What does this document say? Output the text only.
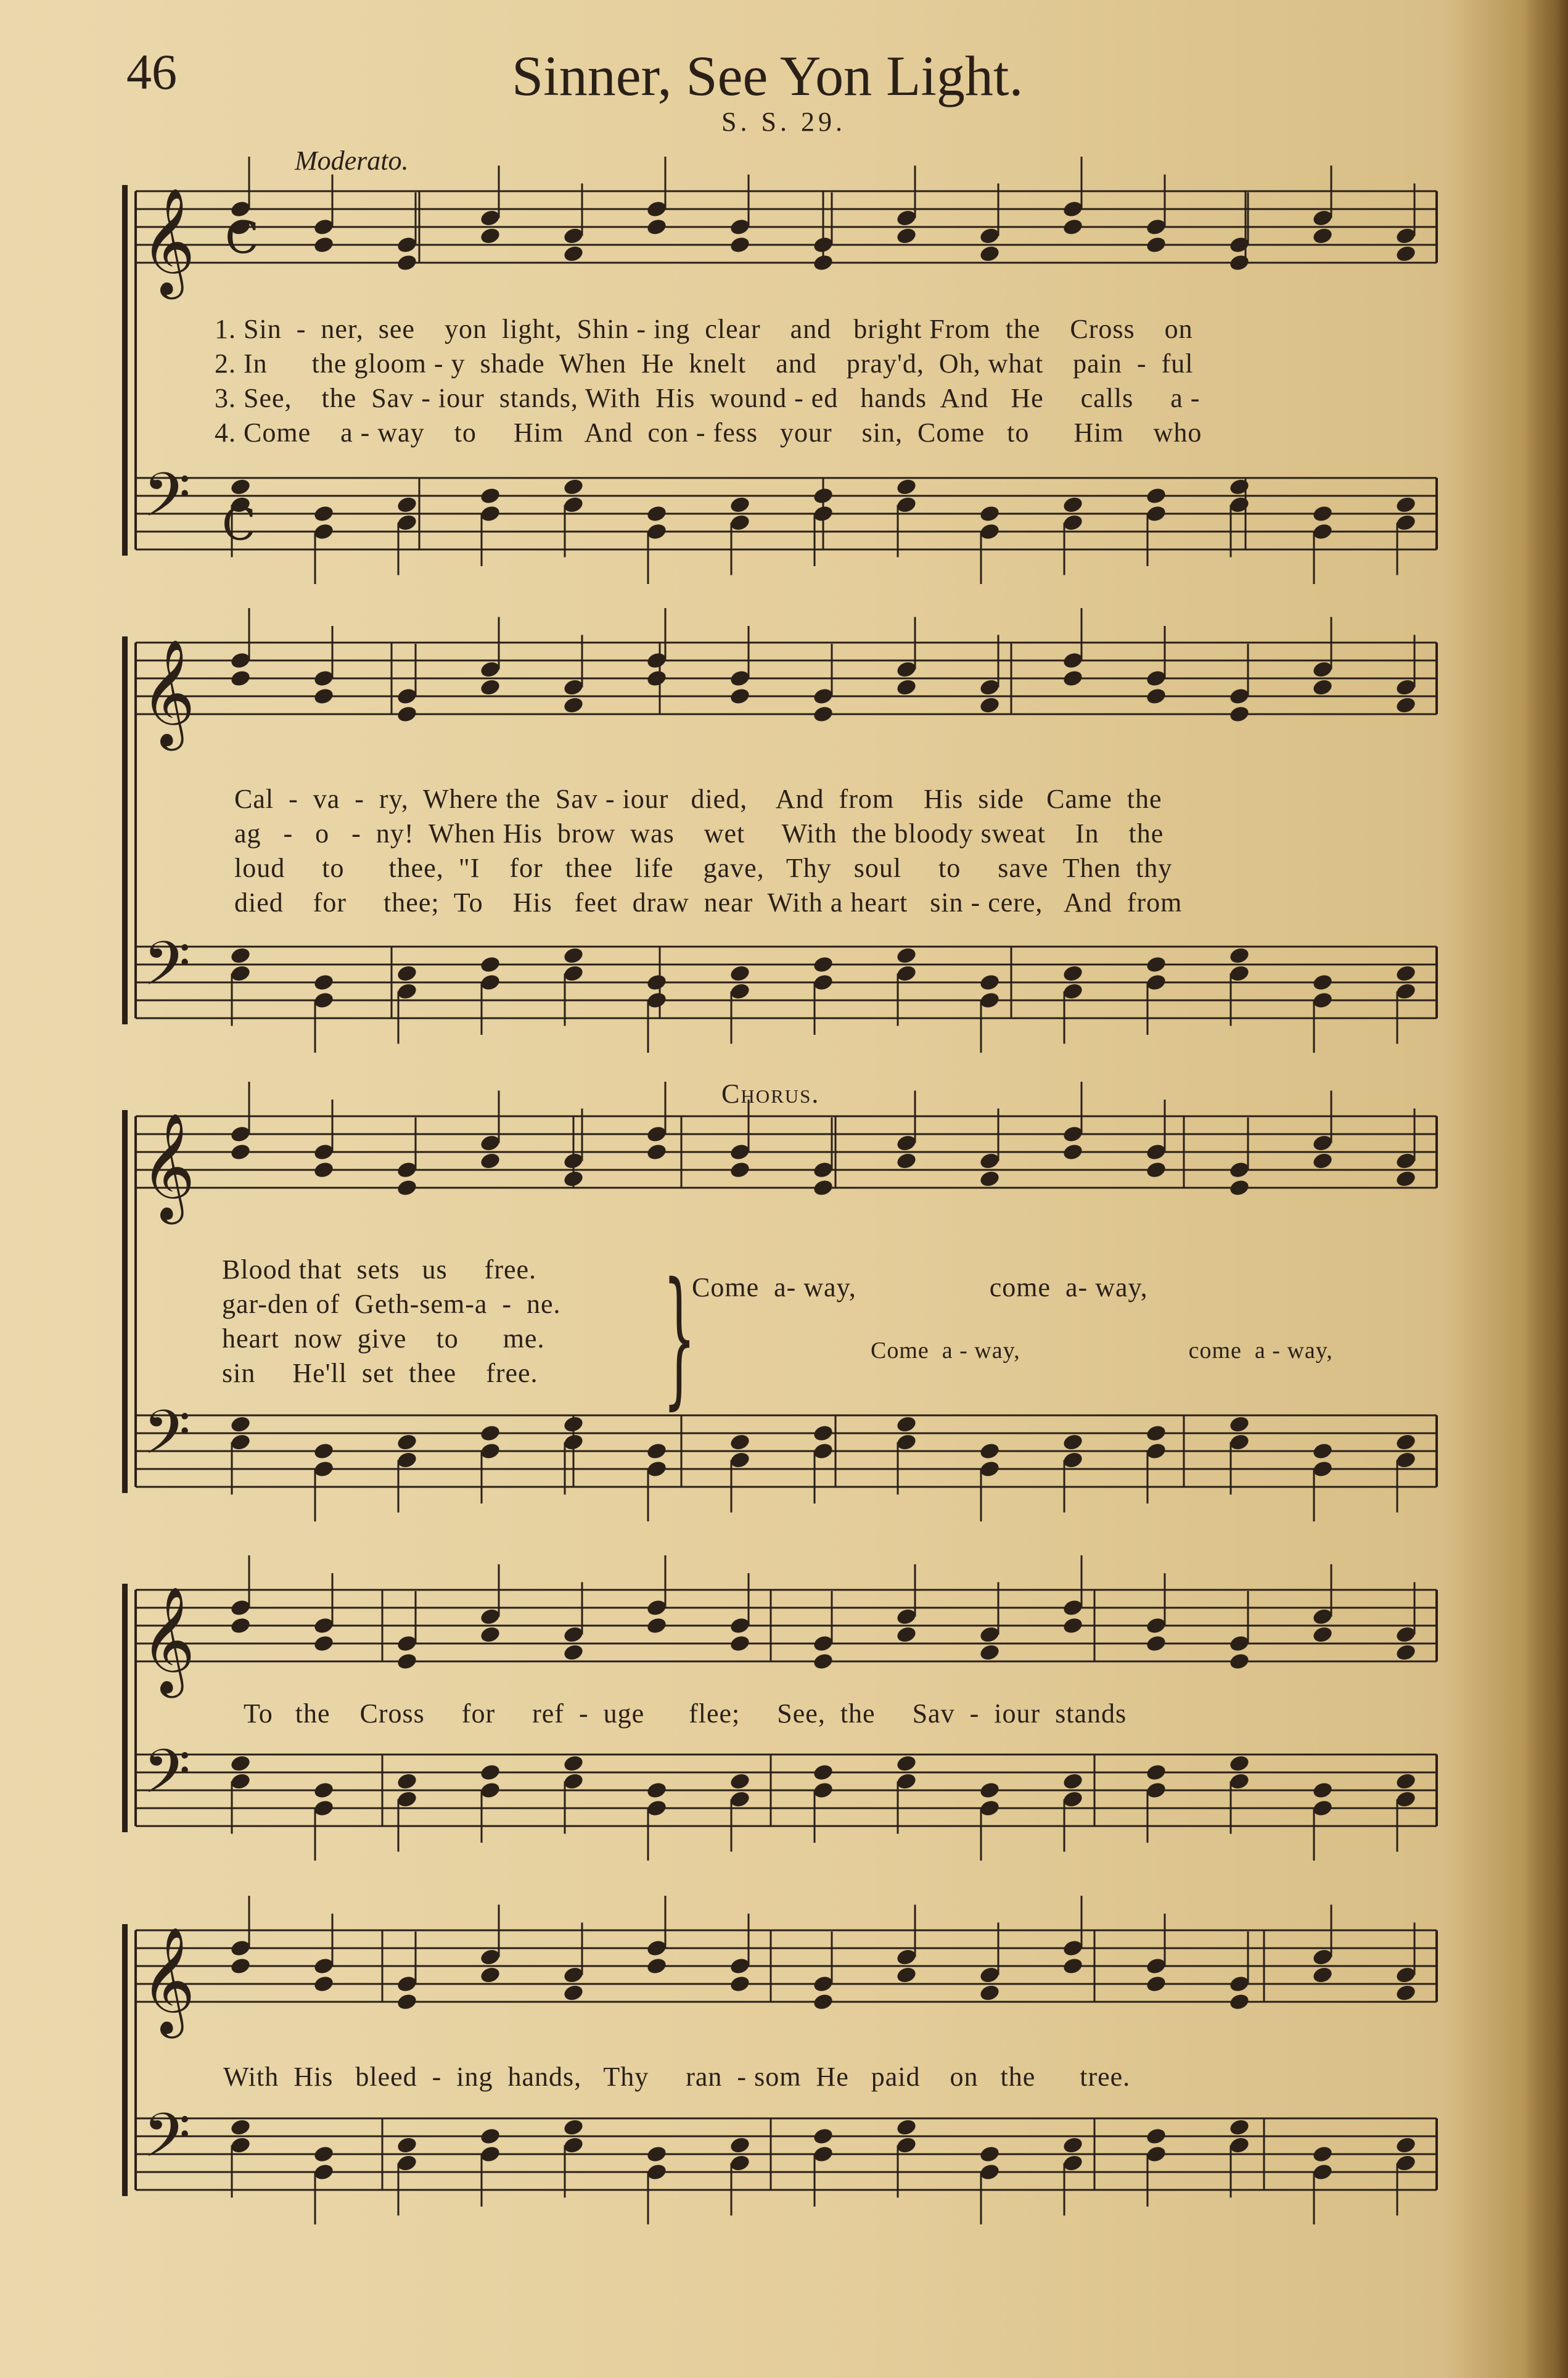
46	Sinner, See Yon Light.
S. S. 29.
Moderato.
Chorus.
𝄞
𝄢
𝄞
𝄢
𝄞
𝄢
𝄞
𝄢
𝄞
𝄢
C
C
1. Sin  -  ner,  see    yon  light,  Shin - ing  clear    and   bright From  the    Cross    on
2. In      the gloom - y  shade  When  He  knelt    and    pray'd,  Oh, what    pain  -  ful
3. See,    the  Sav - iour  stands, With  His  wound - ed   hands  And   He     calls     a -
4. Come    a - way    to     Him   And  con - fess   your    sin,  Come   to      Him    who
Cal  -  va  -  ry,  Where the  Sav - iour   died,    And  from    His  side   Came  the
ag   -   o   -  ny!  When His  brow  was    wet     With  the bloody sweat    In    the
loud     to      thee,  "I    for   thee   life    gave,   Thy   soul     to     save  Then  thy
died    for     thee;  To    His   feet  draw  near  With a heart   sin - cere,   And  from
Blood that  sets   us     free.
gar-den of  Geth-sem-a  -  ne.
heart  now  give    to      me.
sin     He'll  set  thee    free. }
Come  a- way,                  come  a- way,
Come  a - way,                          come  a - way,
To   the    Cross     for     ref  -  uge      flee;     See,  the     Sav  -  iour  stands
With  His   bleed  -  ing  hands,   Thy     ran  - som  He   paid    on   the      tree.
